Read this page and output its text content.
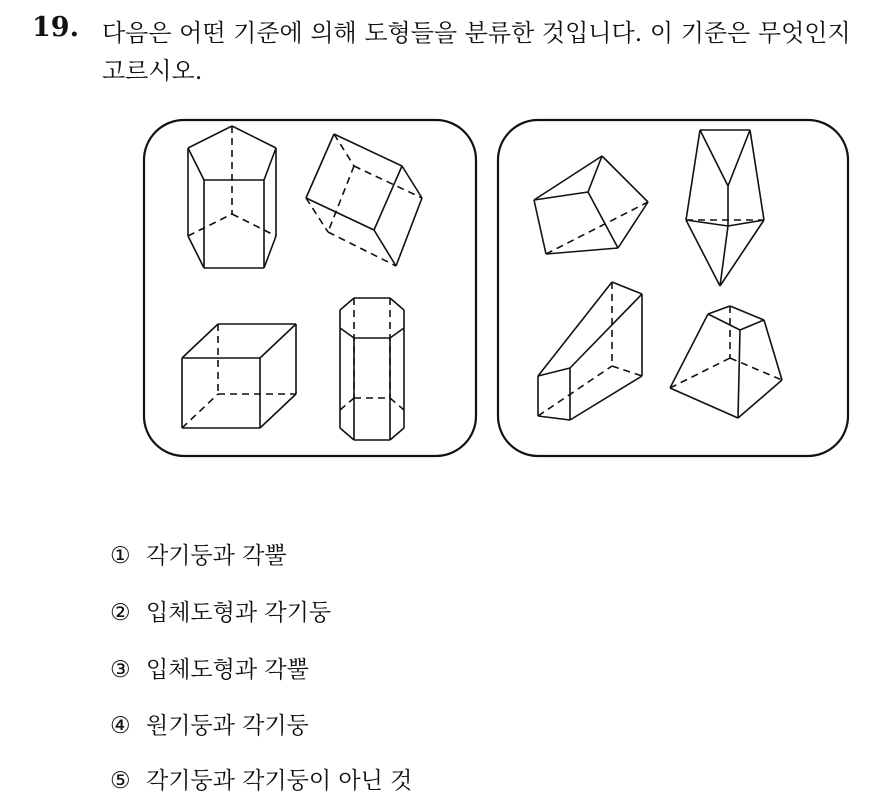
19. 다음은 어떤 기준에 의해 도형들을 분류한 것입니다. 이 기준은 무엇인지 고르시오.
① 각기둥과 각뿔
② 입체도형과 각기둥
③ 입체도형과 각뿔
④ 원기둥과 각기둥
⑤ 각기둥과 각기둥이 아닌 것
